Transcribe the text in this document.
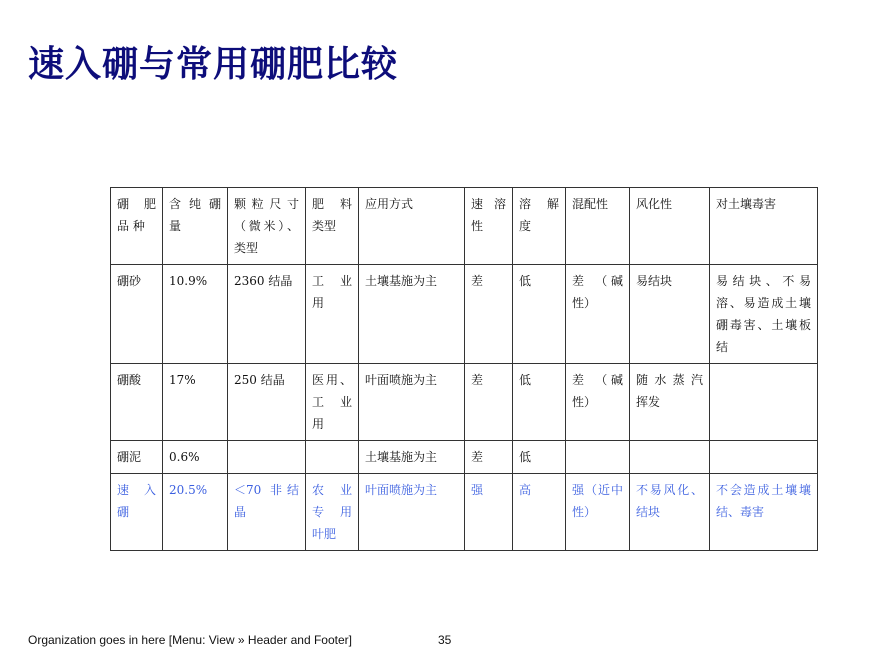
速入硼与常用硼肥比较
硼 肥 品 种	含 纯 硼 量	颗粒尺寸（微米）、类型	肥 料 类型	应用方式	速 溶 性	溶 解 度	混配性	风化性	对土壤毒害
硼砂	10.9%	2360 结晶	工 业 用	土壤基施为主	差	低	差 （碱性）	易结块	易结块、不易溶、易造成土壤硼毒害、土壤板结
硼酸	17%	250 结晶	医用、工 业 用	叶面喷施为主	差	低	差 （碱性）	随 水 蒸 汽 挥发	
硼泥	0.6%			土壤基施为主	差	低			
速 入 硼	20.5%	＜70 非结晶	农 业 专 用 叶肥	叶面喷施为主	强	高	强（近中性）	不易风化、结块	不会造成土壤壤结、毒害
Organization goes in here [Menu: View » Header and Footer]	35
